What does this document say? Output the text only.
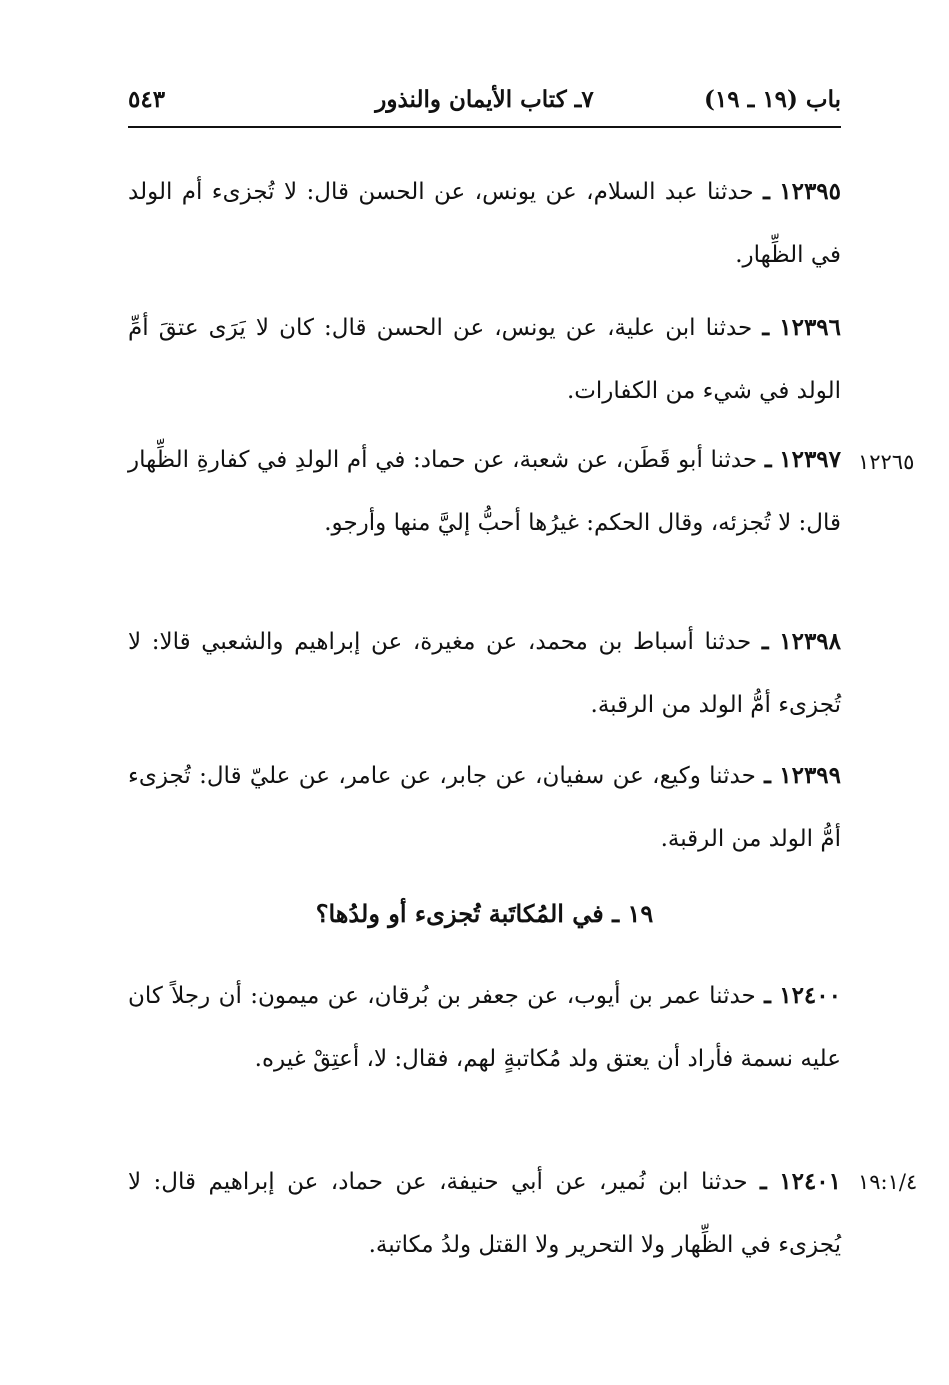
باب (١٩ ـ ١٩)
٧ـ كتاب الأيمان والنذور
٥٤٣
١٢٣٩٥ ـ حدثنا عبد السلام، عن يونس، عن الحسن قال: لا تُجزىء أم الولد في الظِّهار.
١٢٣٩٦ ـ حدثنا ابن علية، عن يونس، عن الحسن قال: كان لا يَرَى عتقَ أمِّ الولد في شيء من الكفارات.
١٢٢٦٥
١٢٣٩٧ ـ حدثنا أبو قَطَن، عن شعبة، عن حماد: في أم الولدِ في كفارةِ الظِّهار قال: لا تُجزئه، وقال الحكم: غيرُها أحبُّ إليَّ منها وأرجو.
١٢٣٩٨ ـ حدثنا أسباط بن محمد، عن مغيرة، عن إبراهيم والشعبي قالا: لا تُجزىء أمُّ الولد من الرقبة.
١٢٣٩٩ ـ حدثنا وكيع، عن سفيان، عن جابر، عن عامر، عن عليّ قال: تُجزىء أمُّ الولد من الرقبة.
١٩ ـ في المُكاتَبة تُجزىء أو ولدُها؟
١٢٤٠٠ ـ حدثنا عمر بن أيوب، عن جعفر بن بُرقان، عن ميمون: أن رجلاً كان عليه نسمة فأراد أن يعتق ولد مُكاتبةٍ لهم، فقال: لا، أعتِقْ غيره.
١٩:١/٤
١٢٤٠١ ـ حدثنا ابن نُمير، عن أبي حنيفة، عن حماد، عن إبراهيم قال: لا يُجزىء في الظِّهار ولا التحرير ولا القتل ولدُ مكاتبة.
